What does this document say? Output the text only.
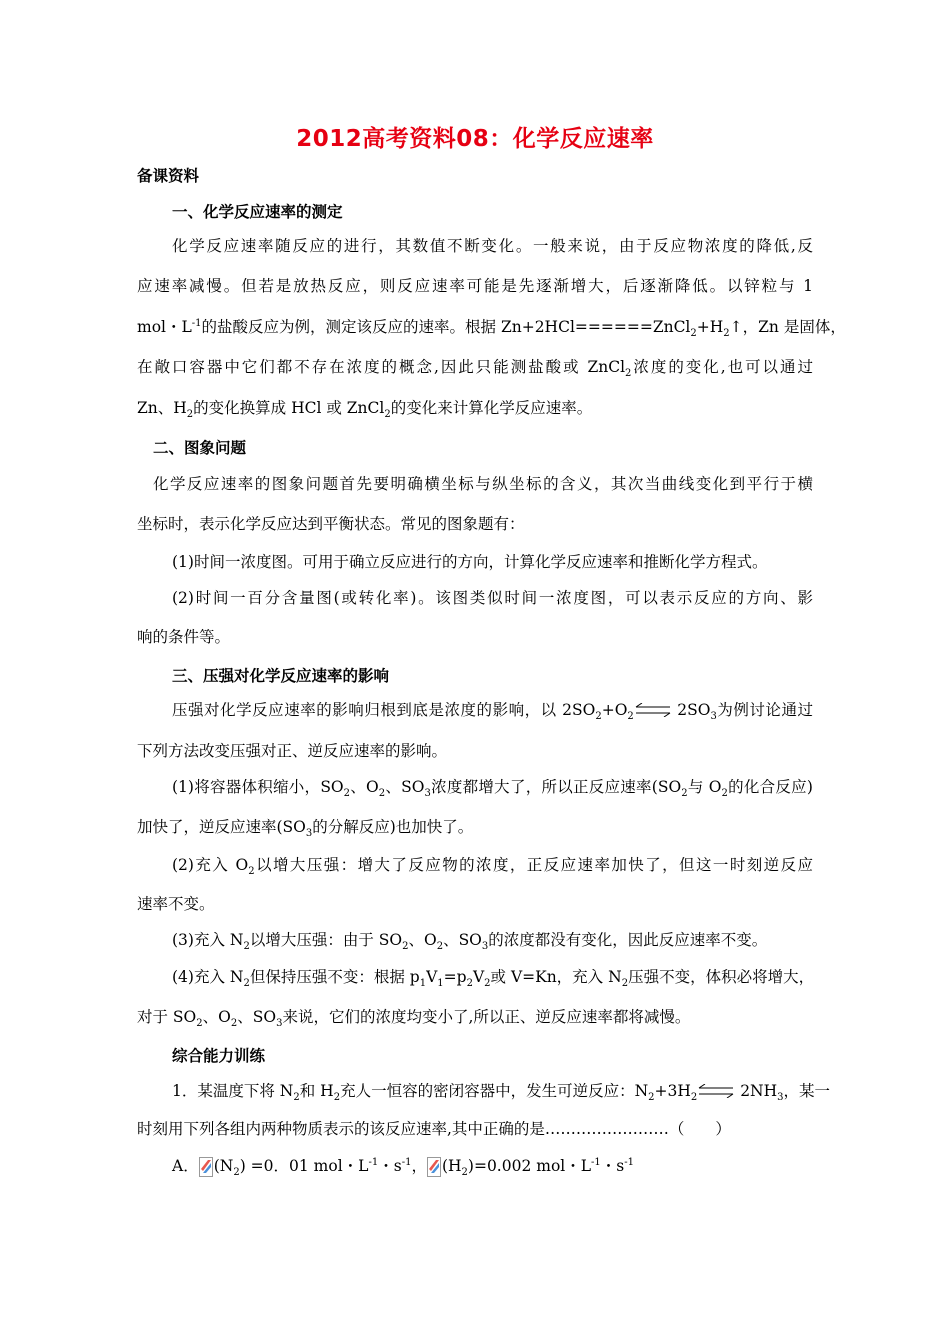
2012高考资料08：化学反应速率
备课资料
一、化学反应速率的测定
化学反应速率随反应的进行，其数值不断变化。一般来说，由于反应物浓度的降低,反
应速率减慢。但若是放热反应，则反应速率可能是先逐渐增大，后逐渐降低。以锌粒与 1
mol・$L^{-1}$的盐酸反应为例，测定该反应的速率。根据 $Zn+2HCl======ZnCl_2+H_2↑$，Zn 是固体，
在敞口容器中它们都不存在浓度的概念,因此只能测盐酸或 ZnCl$_2$浓度的变化,也可以通过
Zn、$H_2$的变化换算成 HCl 或 ZnCl$_2$的变化来计算化学反应速率。
二、图象问题
化学反应速率的图象问题首先要明确横坐标与纵坐标的含义，其次当曲线变化到平行于横
坐标时，表示化学反应达到平衡状态。常见的图象题有：
(1)时间一浓度图。可用于确立反应进行的方向，计算化学反应速率和推断化学方程式。
(2)时间一百分含量图(或转化率)。该图类似时间一浓度图，可以表示反应的方向、影
响的条件等。
三、压强对化学反应速率的影响
压强对化学反应速率的影响归根到底是浓度的影响，以 $2SO_2+O_2\rightleftharpoons$ $2SO_3$为例讨论通过
下列方法改变压强对正、逆反应速率的影响。
(1)将容器体积缩小，$SO_2$、$O_2$、$SO_3$浓度都增大了，所以正反应速率($SO_2$与 $O_2$的化合反应)
加快了，逆反应速率($SO_3$的分解反应)也加快了。
(2)充入 $O_2$以增大压强：增大了反应物的浓度，正反应速率加快了，但这一时刻逆反应
速率不变。
(3)充入 $N_2$以增大压强：由于 $SO_2$、$O_2$、$SO_3$的浓度都没有变化，因此反应速率不变。
(4)充入 $N_2$但保持压强不变：根据 $p_1V_1=p_2V_2$或 V=Kn，充入 $N_2$压强不变，体积必将增大，
对于 $SO_2$、$O_2$、$SO_3$来说，它们的浓度均变小了,所以正、逆反应速率都将减慢。
综合能力训练
1．某温度下将 $N_2$和 $H_2$充人一恒容的密闭容器中，发生可逆反应：$N_2+3H_2\rightleftharpoons$ $2NH_3$，某一
时刻用下列各组内两种物质表示的该反应速率,其中正确的是……………………（　　）
A． $(N_2) =0$．01 mol・$L^{-1}$・$s^{-1}$， $(H_2)=0.002$ mol・$L^{-1}$・$s^{-1}$
